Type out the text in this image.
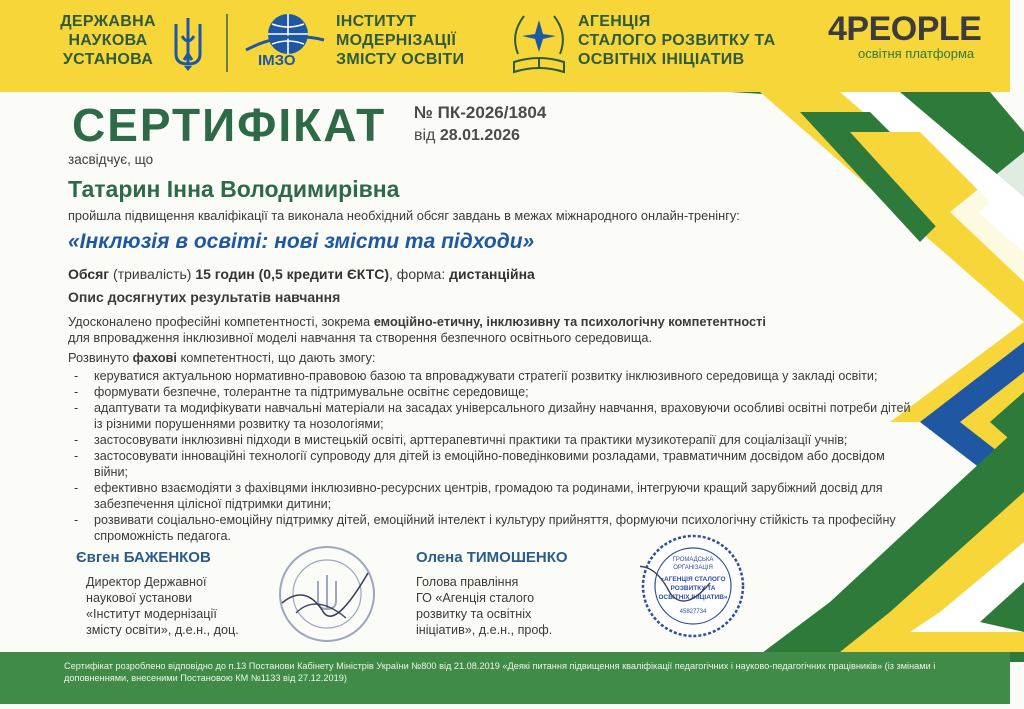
ДЕРЖАВНА
НАУКОВА
УСТАНОВА	ІМЗО
ІНСТИТУТ
МОДЕРНІЗАЦІЇ
ЗМІСТУ ОСВІТИ
АГЕНЦІЯ
СТАЛОГО РОЗВИТКУ ТА
ОСВІТНІХ ІНІЦІАТИВ
4PEOPLE
освітня платформа
СЕРТИФІКАТ № ПК-2026/1804
від 28.01.2026
засвідчує, що
Татарин Інна Володимирівна
пройшла підвищення кваліфікації та виконала необхідний обсяг завдань в межах міжнародного онлайн-тренінгу:
«Інклюзія в освіті: нові змісти та підходи»
Обсяг (тривалість) 15 годин (0,5 кредити ЄКТС), форма: дистанційна
Опис досягнутих результатів навчання
Удосконалено професійні компетентності, зокрема емоційно-етичну, інклюзивну та психологічну компетентності для впровадження інклюзивної моделі навчання та створення безпечного освітнього середовища.
Розвинуто фахові компетентності, що дають змогу:
- керуватися актуальною нормативно-правовою базою та впроваджувати стратегії розвитку інклюзивного середовища у закладі освіти;
- формувати безпечне, толерантне та підтримувальне освітнє середовище;
- адаптувати та модифікувати навчальні матеріали на засадах універсального дизайну навчання, враховуючи особливі освітні потреби дітей із різними порушеннями розвитку та нозологіями;
- застосовувати інклюзивні підходи в мистецькій освіті, арттерапевтичні практики та практики музикотерапії для соціалізації учнів;
- застосовувати інноваційні технології супроводу для дітей із емоційно-поведінковими розладами, травматичним досвідом або досвідом війни;
- ефективно взаємодіяти з фахівцями інклюзивно-ресурсних центрів, громадою та родинами, інтегруючи кращий зарубіжний досвід для забезпечення цілісної підтримки дитини;
- розвивати соціально-емоційну підтримку дітей, емоційний інтелект і культуру прийняття, формуючи психологічну стійкість та професійну спроможність педагога.
Євген БАЖЕНКОВ
Директор Державної
наукової установи
«Інститут модернізації
змісту освіти», д.е.н., доц.
Олена ТИМОШЕНКО
Голова правління
ГО «Агенція сталого
розвитку та освітніх
ініціатив», д.е.н., проф.
ГРОМАДСЬКА
ОРГАНІЗАЦІЯ
«АГЕНЦІЯ СТАЛОГО
РОЗВИТКУ ТА
ОСВІТНІХ ІНІЦІАТИВ»
45827734
Сертифікат розроблено відповідно до п.13 Постанови Кабінету Міністрів України №800 від 21.08.2019 «Деякі питання підвищення кваліфікації педагогічних і науково-педагогічних працівників» (із змінами і доповненнями, внесеними Постановою КМ №1133 від 27.12.2019)
